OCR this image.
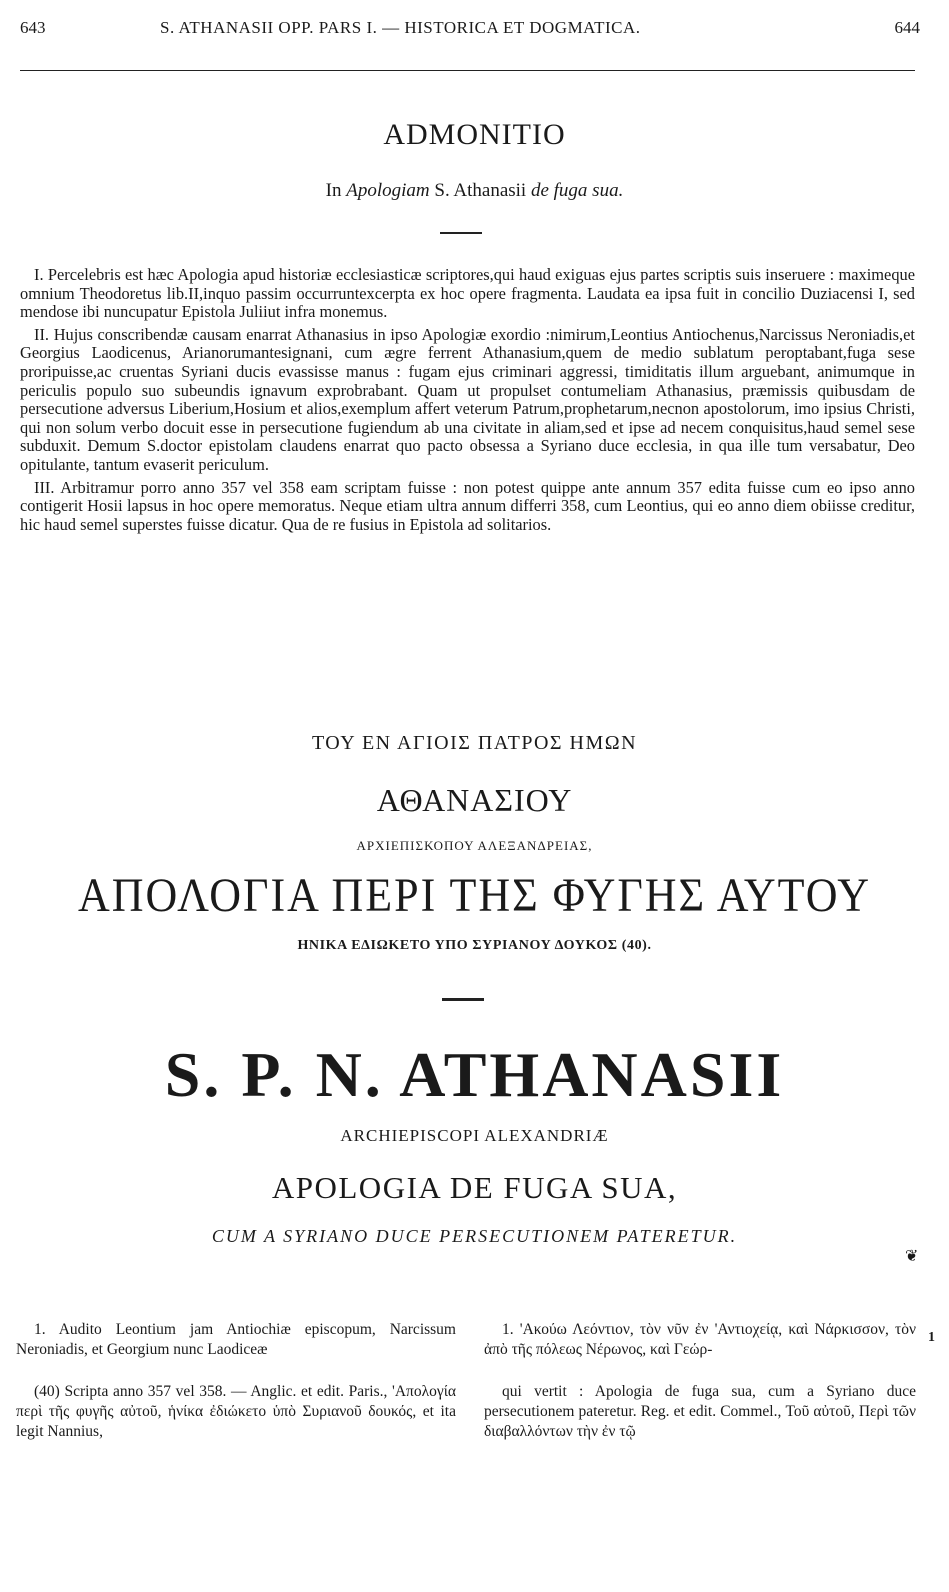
643	S. ATHANASII OPP. PARS I. — HISTORICA ET DOGMATICA.	644
ADMONITIO
In Apologiam S. Athanasii de fuga sua.

I. Percelebris est hæc Apologia apud historiæ ecclesiasticæ scriptores,qui haud exiguas ejus partes scriptis suis inseruere : maximeque omnium Theodoretus lib.II,inquo passim occurruntexcerpta ex hoc opere fragmenta. Laudata ea ipsa fuit in concilio Duziacensi I, sed mendose ibi nuncupatur Epistola Juliiut infra monemus.

II. Hujus conscribendæ causam enarrat Athanasius in ipso Apologiæ exordio :nimirum,Leontius Antiochenus,Narcissus Neroniadis,et Georgius Laodicenus, Arianorumantesignani, cum ægre ferrent Athanasium,quem de medio sublatum peroptabant,fuga sese proripuisse,ac cruentas Syriani ducis evassisse manus : fugam ejus criminari aggressi, timiditatis illum arguebant, animumque in periculis populo suo subeundis ignavum exprobrabant. Quam ut propulset contumeliam Athanasius, præmissis quibusdam de persecutione adversus Liberium,Hosium et alios,exemplum affert veterum Patrum,prophetarum,necnon apostolorum, imo ipsius Christi, qui non solum verbo docuit esse in persecutione fugiendum ab una civitate in aliam,sed et ipse ad necem conquisitus,haud semel sese subduxit. Demum S.doctor epistolam claudens enarrat quo pacto obsessa a Syriano duce ecclesia, in qua ille tum versabatur, Deo opitulante, tantum evaserit periculum.

III. Arbitramur porro anno 357 vel 358 eam scriptam fuisse : non potest quippe ante annum 357 edita fuisse cum eo ipso anno contigerit Hosii lapsus in hoc opere memoratus. Neque etiam ultra annum differri 358, cum Leontius, qui eo anno diem obiisse creditur, hic haud semel superstes fuisse dicatur. Qua de re fusius in Epistola ad solitarios.

ΤΟΥ ΕΝ ΑΓΙΟΙΣ ΠΑΤΡΟΣ ΗΜΩΝ
ΑΘΑΝΑΣΙΟΥ
ΑΡΧΙΕΠΙΣΚΟΠΟΥ ΑΛΕΞΑΝΔΡΕΙΑΣ,
ΑΠΟΛΟΓΙΑ ΠΕΡΙ ΤΗΣ ΦΥΓΗΣ ΑΥΤΟΥ
ΗΝΙΚΑ ΕΔΙΩΚΕΤΟ ΥΠΟ ΣΥΡΙΑΝΟΥ ΔΟΥΚΟΣ (40).
S. P. N. ATHANASII
ARCHIEPISCOPI ALEXANDRIÆ
APOLOGIA DE FUGA SUA,
CUM A SYRIANO DUCE PERSECUTIONEM PATERETUR.
❦

1. Audito Leontium jam Antiochiæ episcopum, Narcissum Neroniadis, et Georgium nunc Laodiceæ

1. 'Ακούω Λεόντιον, τὸν νῦν ἐν 'Αντιοχείᾳ, καὶ Νάρκισσον, τὸν ἀπὸ τῆς πόλεως Νέρωνος, καὶ Γεώρ-

1

(40) Scripta anno 357 vel 358. — Anglic. et edit. Paris., 'Απολογία περὶ τῆς φυγῆς αὐτοῦ, ἡνίκα ἐδιώκετο ὑπὸ Συριανοῦ δουκός, et ita legit Nannius,

qui vertit : Apologia de fuga sua, cum a Syriano duce persecutionem pateretur. Reg. et edit. Commel., Τοῦ αὐτοῦ, Περὶ τῶν διαβαλλόντων τὴν ἐν τῷ
